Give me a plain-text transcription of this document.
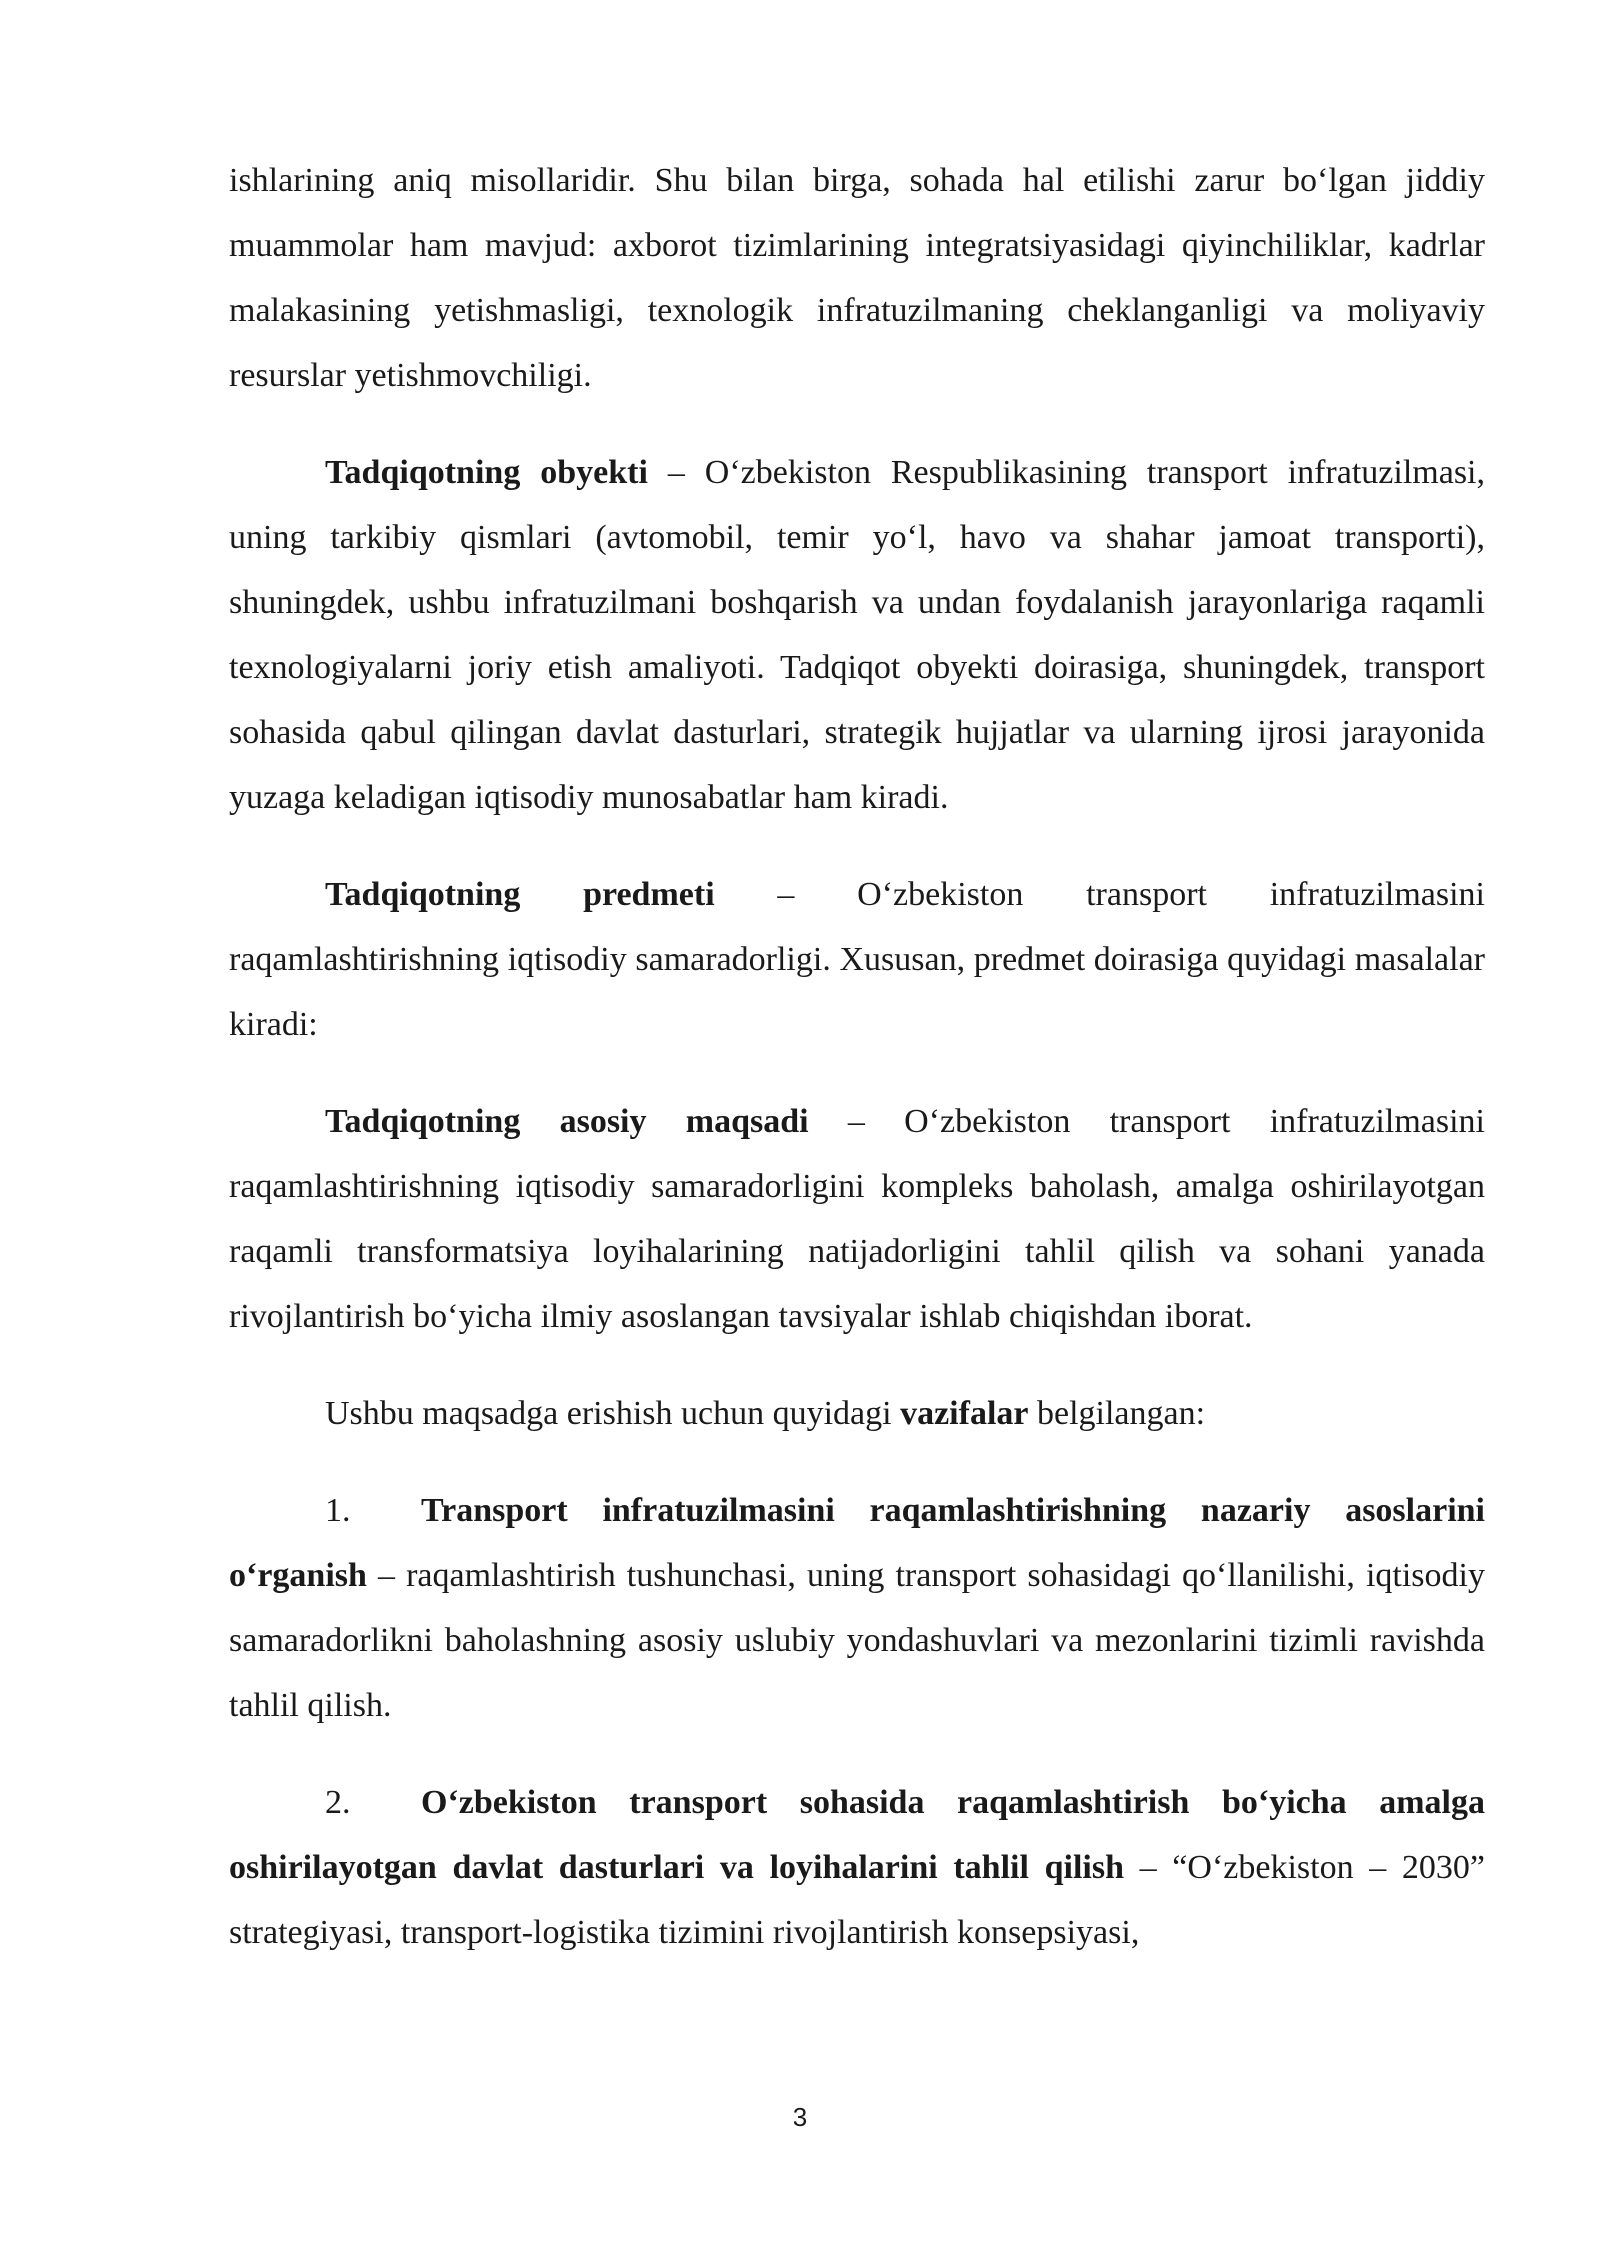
ishlarining aniq misollaridir. Shu bilan birga, sohada hal etilishi zarur bo‘lgan jiddiy muammolar ham mavjud: axborot tizimlarining integratsiyasidagi qiyinchiliklar, kadrlar malakasining yetishmasligi, texnologik infratuzilmaning cheklanganligi va moliyaviy resurslar yetishmovchiligi.

Tadqiqotning obyekti – O‘zbekiston Respublikasining transport infratuzilmasi, uning tarkibiy qismlari (avtomobil, temir yo‘l, havo va shahar jamoat transporti), shuningdek, ushbu infratuzilmani boshqarish va undan foydalanish jarayonlariga raqamli texnologiyalarni joriy etish amaliyoti. Tadqiqot obyekti doirasiga, shuningdek, transport sohasida qabul qilingan davlat dasturlari, strategik hujjatlar va ularning ijrosi jarayonida yuzaga keladigan iqtisodiy munosabatlar ham kiradi.

Tadqiqotning predmeti – O‘zbekiston transport infratuzilmasini raqamlashtirishning iqtisodiy samaradorligi. Xususan, predmet doirasiga quyidagi masalalar kiradi:

Tadqiqotning asosiy maqsadi – O‘zbekiston transport infratuzilmasini raqamlashtirishning iqtisodiy samaradorligini kompleks baholash, amalga oshirilayotgan raqamli transformatsiya loyihalarining natijadorligini tahlil qilish va sohani yanada rivojlantirish bo‘yicha ilmiy asoslangan tavsiyalar ishlab chiqishdan iborat.

Ushbu maqsadga erishish uchun quyidagi vazifalar belgilangan:

1. Transport infratuzilmasini raqamlashtirishning nazariy asoslarini o‘rganish – raqamlashtirish tushunchasi, uning transport sohasidagi qo‘llanilishi, iqtisodiy samaradorlikni baholashning asosiy uslubiy yondashuvlari va mezonlarini tizimli ravishda tahlil qilish.

2. O‘zbekiston transport sohasida raqamlashtirish bo‘yicha amalga oshirilayotgan davlat dasturlari va loyihalarini tahlil qilish – “O‘zbekiston – 2030” strategiyasi, transport-logistika tizimini rivojlantirish konsepsiyasi,

3
